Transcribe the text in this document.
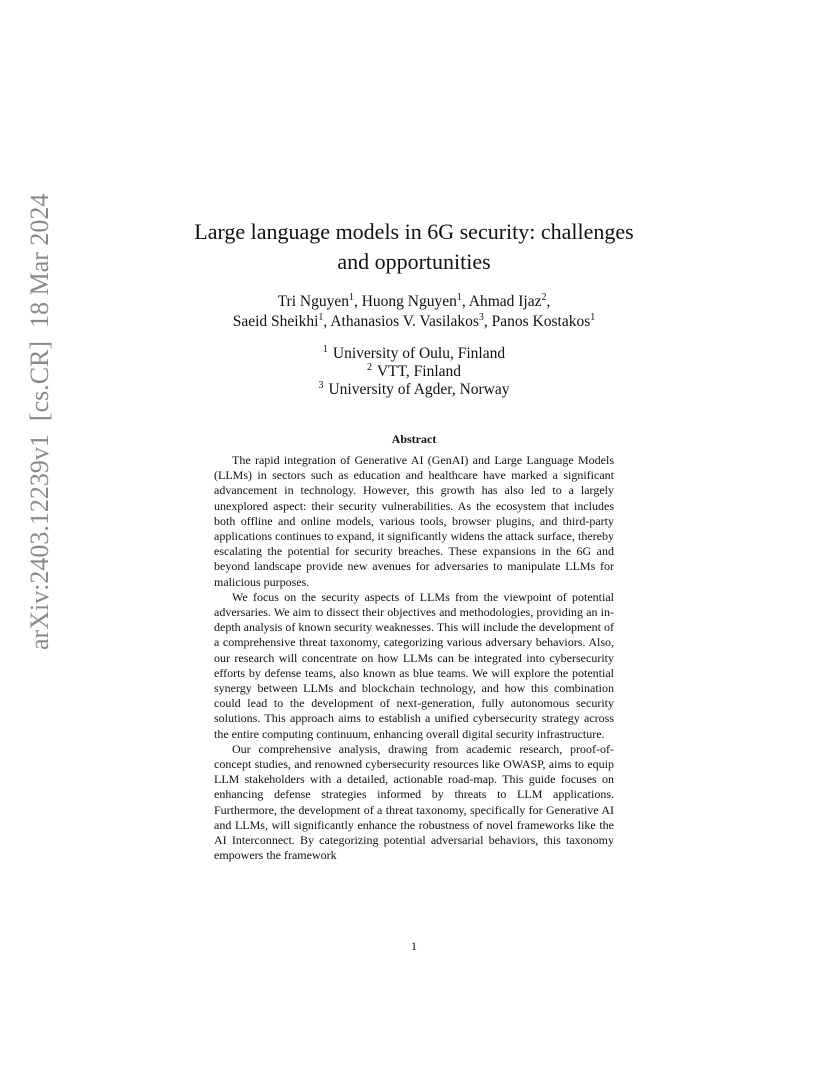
arXiv:2403.12239v1  [cs.CR]  18 Mar 2024	Large language models in 6G security: challenges
and opportunities
Tri Nguyen$^1$, Huong Nguyen$^1$, Ahmad Ijaz$^2$,
Saeid Sheikhi$^1$, Athanasios V. Vasilakos$^3$, Panos Kostakos$^1$
$^1$ University of Oulu, Finland
$^2$ VTT, Finland
$^3$ University of Agder, Norway
Abstract

The rapid integration of Generative AI (GenAI) and Large Language Models (LLMs) in sectors such as education and healthcare have marked a significant advancement in technology. However, this growth has also led to a largely unexplored aspect: their security vulnerabilities. As the ecosystem that includes both offline and online models, various tools, browser plugins, and third-party applications continues to expand, it significantly widens the attack surface, thereby escalating the potential for security breaches. These expansions in the 6G and beyond landscape provide new avenues for adversaries to manipulate LLMs for malicious purposes.

We focus on the security aspects of LLMs from the viewpoint of potential adversaries. We aim to dissect their objectives and methodologies, providing an in-depth analysis of known security weaknesses. This will include the development of a comprehensive threat taxonomy, categorizing various adversary behaviors. Also, our research will concentrate on how LLMs can be integrated into cybersecurity efforts by defense teams, also known as blue teams. We will explore the potential synergy between LLMs and blockchain technology, and how this combination could lead to the development of next-generation, fully autonomous security solutions. This approach aims to establish a unified cybersecurity strategy across the entire computing continuum, enhancing overall digital security infrastructure.

Our comprehensive analysis, drawing from academic research, proof-of-concept studies, and renowned cybersecurity resources like OWASP, aims to equip LLM stakeholders with a detailed, actionable road-map. This guide focuses on enhancing defense strategies informed by threats to LLM applications. Furthermore, the development of a threat taxonomy, specifically for Generative AI and LLMs, will significantly enhance the robustness of novel frameworks like the AI Interconnect. By categorizing potential adversarial behaviors, this taxonomy empowers the framework

1
